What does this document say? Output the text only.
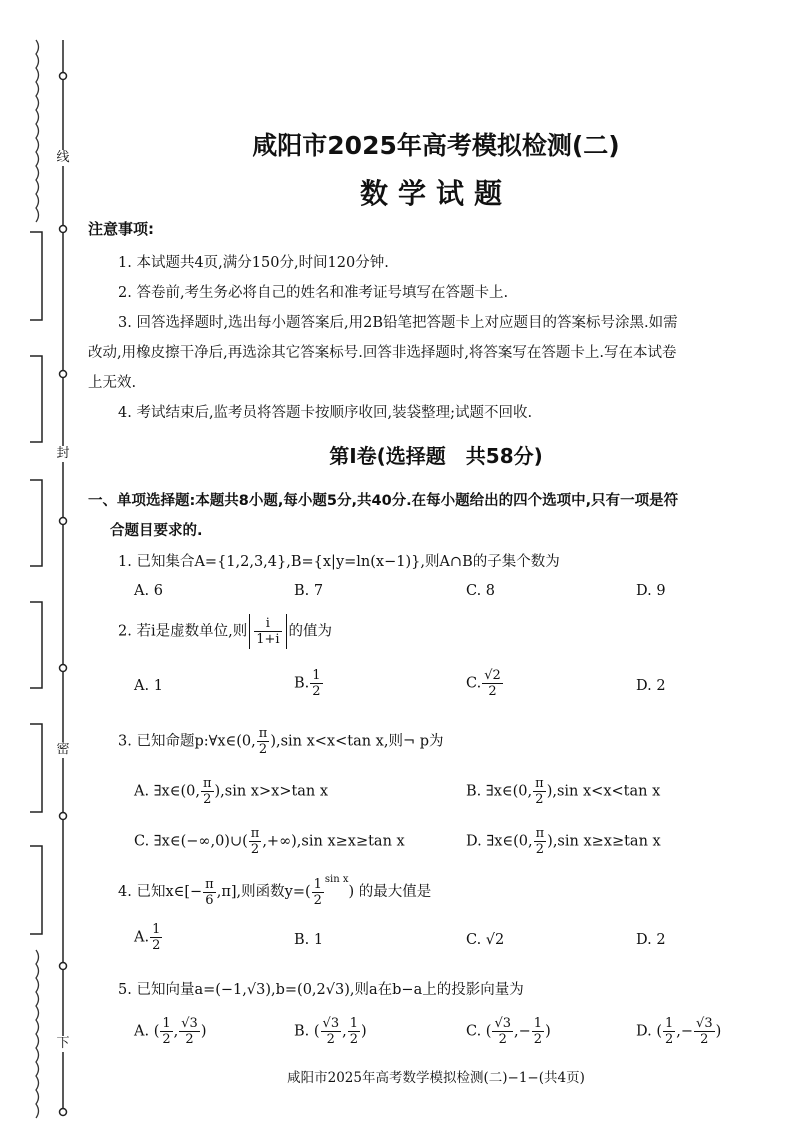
线
封
密
下
咸阳市2025年高考模拟检测(二)
数学试题
注意事项:
1. 本试题共4页,满分150分,时间120分钟.
2. 答卷前,考生务必将自己的姓名和准考证号填写在答题卡上.
3. 回答选择题时,选出每小题答案后,用2B铅笔把答题卡上对应题目的答案标号涂黑.如需
改动,用橡皮擦干净后,再选涂其它答案标号.回答非选择题时,将答案写在答题卡上.写在本试卷
上无效.
4. 考试结束后,监考员将答题卡按顺序收回,装袋整理;试题不回收.
第Ⅰ卷(选择题　共58分)
一、单项选择题:本题共8小题,每小题5分,共40分.在每小题给出的四个选项中,只有一项是符
合题目要求的.
1. 已知集合A={1,2,3,4},B={x|y=ln(x−1)},则A∩B的子集个数为
A. 6	B. 7	C. 8	D. 9
2. 若i是虚数单位,则 $\frac{i}{1+i}$ 的值为
A. 1	B. $\frac{1}{2}$	C. $\frac{√2}{2}$	D. 2
3. 已知命题p:∀x∈(0, $\frac{\pi}{2} ),\sin$ x<x<tan x,则¬ p为
A. ∃x∈(0, $\frac{\pi}{2} ),\sin$ x>x>tan x	B. ∃x∈(0, $\frac{\pi}{2} ),\sin$ x<x<tan x
C. ∃x∈(−∞,0)∪( $\frac{\pi}{2} ,+\infty),\sin$ x≥x≥tan x	D. ∃x∈(0, $\frac{\pi}{2} ),\sin$ x≥x≥tan x
4. 已知x∈[− $\frac{\pi}{6} ,\pi$],则函数$y=( \frac{1}{2} ^{sin x})$ 的最大值是
A. $\frac{1}{2}$	B. 1	C. √2	D. 2
5. 已知向量a=(−1,√3),b=(0,2√3),则a在b−a上的投影向量为
A. ( $\frac{1}{2}$ , $\frac{√3}{2}$ )	B. ( $\frac{√3}{2}$ , $\frac{1}{2}$ )	C. ( $\frac{√3}{2}$ ,− $\frac{1}{2}$ )	D. ( $\frac{1}{2}$ ,− $\frac{√3}{2}$ )
咸阳市2025年高考数学模拟检测(二)−1−(共4页)
